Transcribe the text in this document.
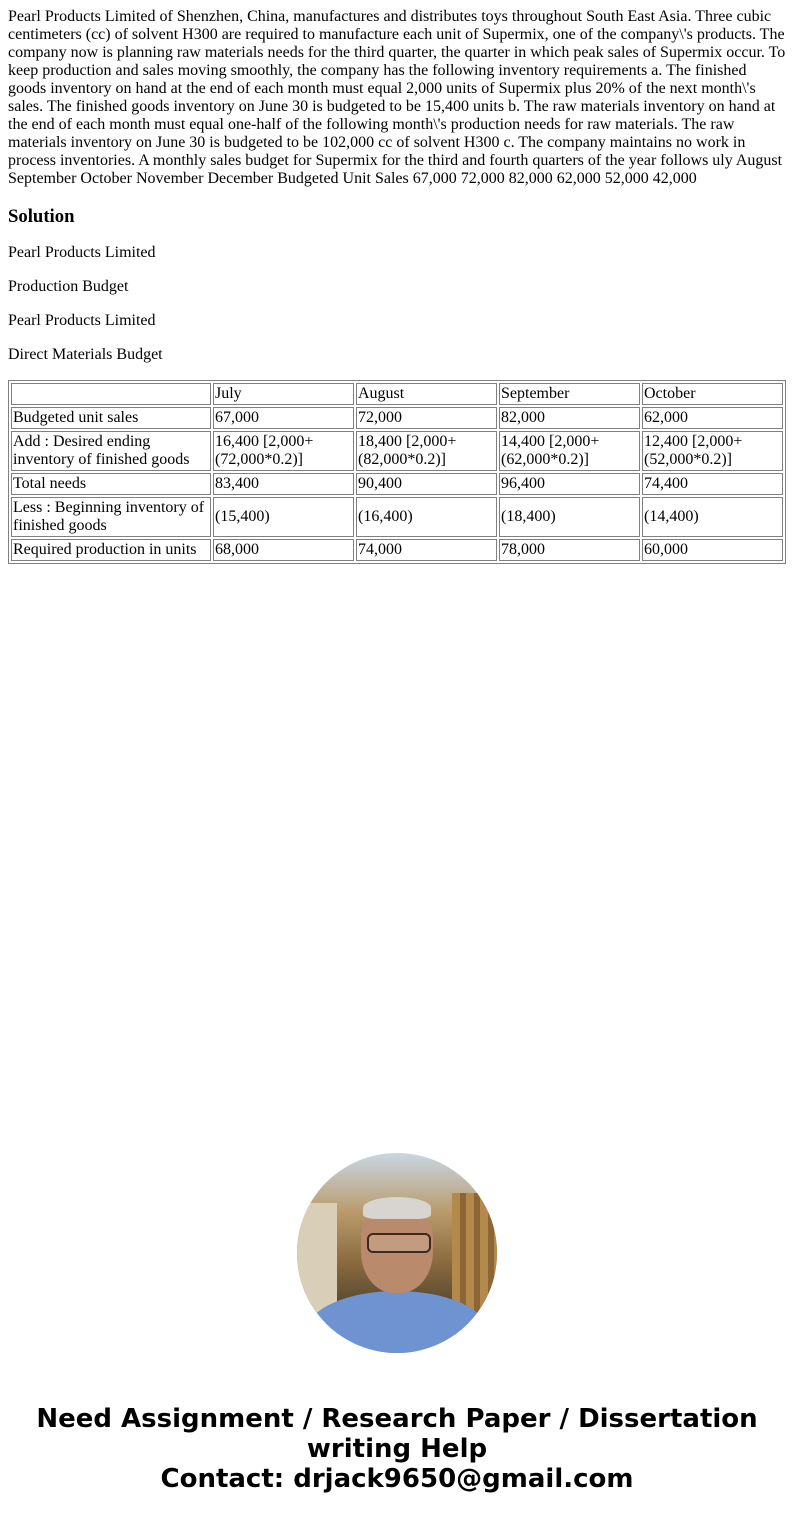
Pearl Products Limited of Shenzhen, China, manufactures and distributes toys throughout South East Asia. Three cubic centimeters (cc) of solvent H300 are required to manufacture each unit of Supermix, one of the company\'s products. The company now is planning raw materials needs for the third quarter, the quarter in which peak sales of Supermix occur. To keep production and sales moving smoothly, the company has the following inventory requirements a. The finished goods inventory on hand at the end of each month must equal 2,000 units of Supermix plus 20% of the next month\'s sales. The finished goods inventory on June 30 is budgeted to be 15,400 units b. The raw materials inventory on hand at the end of each month must equal one-half of the following month\'s production needs for raw materials. The raw materials inventory on June 30 is budgeted to be 102,000 cc of solvent H300 c. The company maintains no work in process inventories. A monthly sales budget for Supermix for the third and fourth quarters of the year follows uly August September October November December Budgeted Unit Sales 67,000 72,000 82,000 62,000 52,000 42,000
Solution

Pearl Products Limited

Production Budget

Pearl Products Limited

Direct Materials Budget

	July	August	September	October
Budgeted unit sales	67,000	72,000	82,000	62,000
Add : Desired ending inventory of finished goods	16,400 [2,000+(72,000*0.2)]	18,400 [2,000+(82,000*0.2)]	14,400 [2,000+(62,000*0.2)]	12,400 [2,000+(52,000*0.2)]
Total needs	83,400	90,400	96,400	74,400
Less : Beginning inventory of finished goods	(15,400)	(16,400)	(18,400)	(14,400)
Required production in units	68,000	74,000	78,000	60,000
Need Assignment / Research Paper / Dissertation writing Help
Contact: drjack9650@gmail.com
